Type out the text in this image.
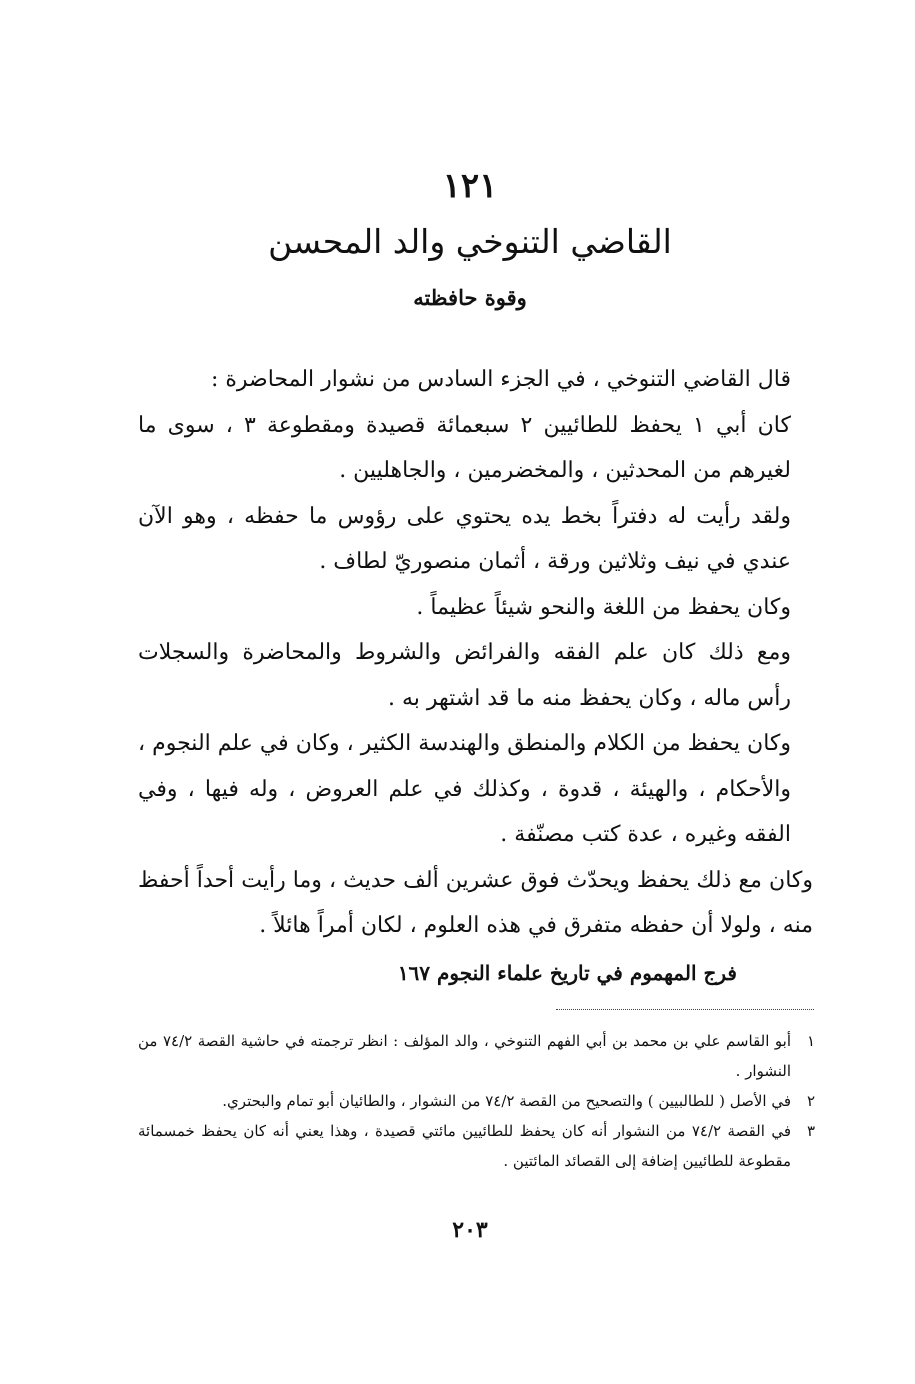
١٢١
القاضي التنوخي والد المحسن
وقوة حافظته

قال القاضي التنوخي ، في الجزء السادس من نشوار المحاضرة :

كان أبي ١ يحفظ للطائيين ٢ سبعمائة قصيدة ومقطوعة ٣ ، سوى ما لغيرهم من المحدثين ، والمخضرمين ، والجاهليين .

ولقد رأيت له دفتراً بخط يده يحتوي على رؤوس ما حفظه ، وهو الآن عندي في نيف وثلاثين ورقة ، أثمان منصوريّ لطاف .

وكان يحفظ من اللغة والنحو شيئاً عظيماً .

ومع ذلك كان علم الفقه والفرائض والشروط والمحاضرة والسجلات رأس ماله ، وكان يحفظ منه ما قد اشتهر به .

وكان يحفظ من الكلام والمنطق والهندسة الكثير ، وكان في علم النجوم ، والأحكام ، والهيئة ، قدوة ، وكذلك في علم العروض ، وله فيها ، وفي الفقه وغيره ، عدة كتب مصنّفة .

وكان مع ذلك يحفظ ويحدّث فوق عشرين ألف حديث ، وما رأيت أحداً أحفظ منه ، ولولا أن حفظه متفرق في هذه العلوم ، لكان أمراً هائلاً .

فرج المهموم في تاريخ علماء النجوم ١٦٧
١
أبو القاسم علي بن محمد بن أبي الفهم التنوخي ، والد المؤلف : انظر ترجمته في حاشية القصة ٧٤/٢ من النشوار .
٢
في الأصل ( للطالبيين ) والتصحيح من القصة ٧٤/٢ من النشوار ، والطائيان أبو تمام والبحتري.
٣
في القصة ٧٤/٢ من النشوار أنه كان يحفظ للطائيين مائتي قصيدة ، وهذا يعني أنه كان يحفظ خمسمائة مقطوعة للطائيين إضافة إلى القصائد المائتين .
٢٠٣
